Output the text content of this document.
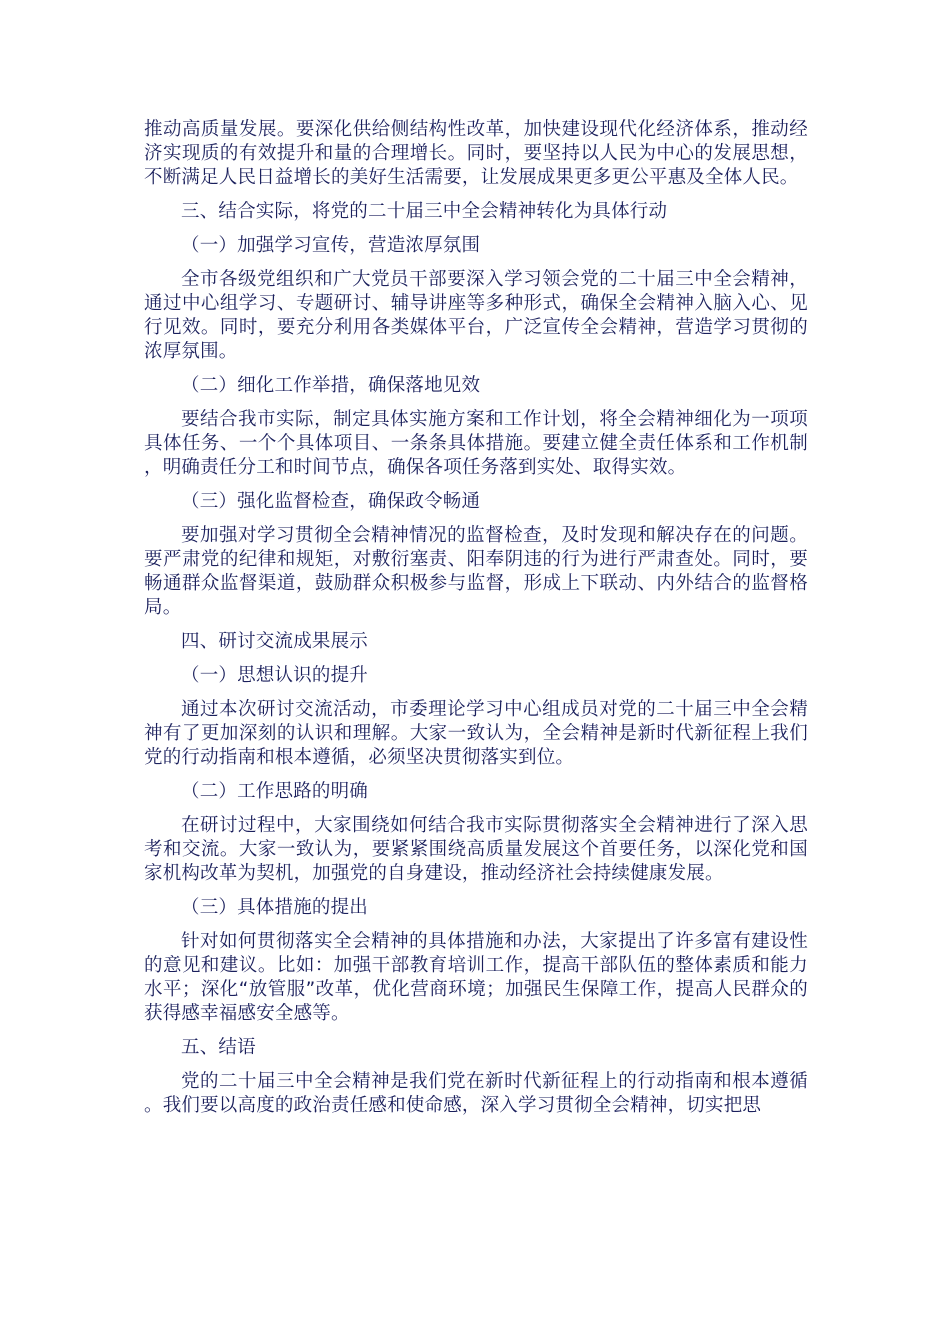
推动高质量发展。要深化供给侧结构性改革，加快建设现代化经济体系，推动经济实现质的有效提升和量的合理增长。同时，要坚持以人民为中心的发展思想，不断满足人民日益增长的美好生活需要，让发展成果更多更公平惠及全体人民。

三、结合实际，将党的二十届三中全会精神转化为具体行动

（一）加强学习宣传，营造浓厚氛围

全市各级党组织和广大党员干部要深入学习领会党的二十届三中全会精神，通过中心组学习、专题研讨、辅导讲座等多种形式，确保全会精神入脑入心、见行见效。同时，要充分利用各类媒体平台，广泛宣传全会精神，营造学习贯彻的浓厚氛围。

（二）细化工作举措，确保落地见效

要结合我市实际，制定具体实施方案和工作计划，将全会精神细化为一项项具体任务、一个个具体项目、一条条具体措施。要建立健全责任体系和工作机制，明确责任分工和时间节点，确保各项任务落到实处、取得实效。

（三）强化监督检查，确保政令畅通

要加强对学习贯彻全会精神情况的监督检查，及时发现和解决存在的问题。要严肃党的纪律和规矩，对敷衍塞责、阳奉阴违的行为进行严肃查处。同时，要畅通群众监督渠道，鼓励群众积极参与监督，形成上下联动、内外结合的监督格局。

四、研讨交流成果展示

（一）思想认识的提升

通过本次研讨交流活动，市委理论学习中心组成员对党的二十届三中全会精神有了更加深刻的认识和理解。大家一致认为，全会精神是新时代新征程上我们党的行动指南和根本遵循，必须坚决贯彻落实到位。

（二）工作思路的明确

在研讨过程中，大家围绕如何结合我市实际贯彻落实全会精神进行了深入思考和交流。大家一致认为，要紧紧围绕高质量发展这个首要任务，以深化党和国家机构改革为契机，加强党的自身建设，推动经济社会持续健康发展。

（三）具体措施的提出

针对如何贯彻落实全会精神的具体措施和办法，大家提出了许多富有建设性的意见和建议。比如：加强干部教育培训工作，提高干部队伍的整体素质和能力水平；深化“放管服”改革，优化营商环境；加强民生保障工作，提高人民群众的获得感幸福感安全感等。

五、结语

党的二十届三中全会精神是我们党在新时代新征程上的行动指南和根本遵循。我们要以高度的政治责任感和使命感，深入学习贯彻全会精神，切实把思
